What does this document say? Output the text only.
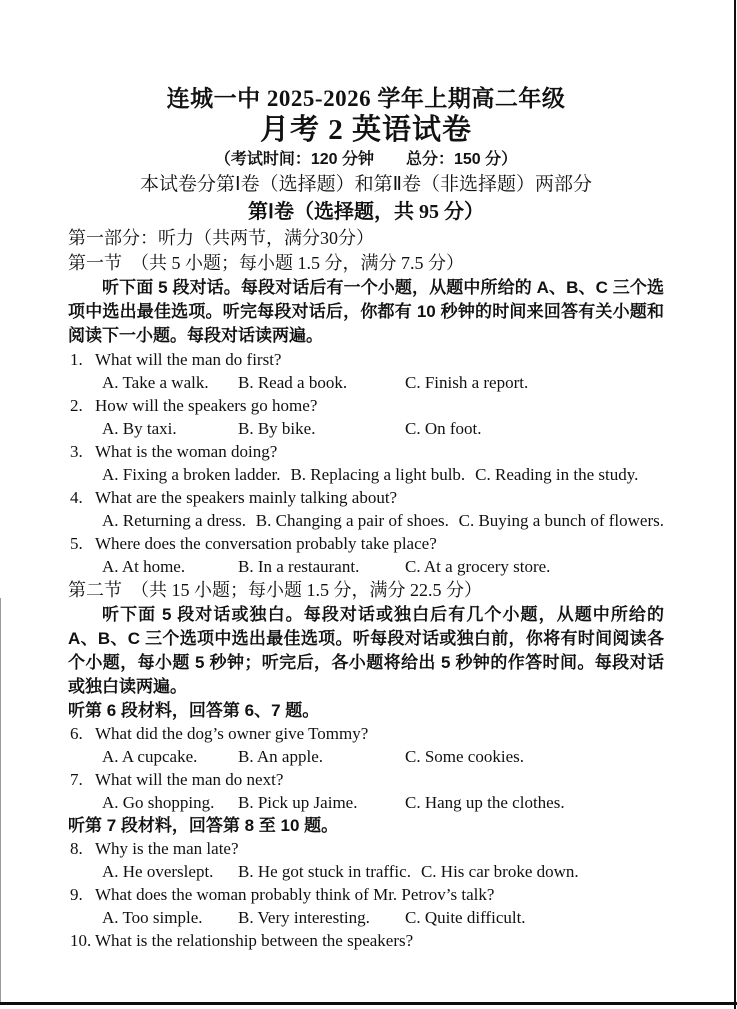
连城一中 2025-2026 学年上期高二年级
月考 2 英语试卷
（考试时间：120 分钟　　总分：150 分）
本试卷分第Ⅰ卷（选择题）和第Ⅱ卷（非选择题）两部分
第Ⅰ卷（选择题，共 95 分）
第一部分：听力（共两节，满分30分）
第一节　（共 5 小题；每小题 1.5 分，满分 7.5 分）
听下面 5 段对话。每段对话后有一个小题，从题中所给的 A、B、C 三个选项中选出最佳选项。听完每段对话后，你都有 10 秒钟的时间来回答有关小题和阅读下一小题。每段对话读两遍。
1. What will the man do first?
A. Take a walk.	B. Read a book.	C. Finish a report.
2. How will the speakers go home?
A. By taxi.	B. By bike.	C. On foot.
3. What is the woman doing?
A. Fixing a broken ladder. B. Replacing a light bulb. C. Reading in the study.
4. What are the speakers mainly talking about?
A. Returning a dress. B. Changing a pair of shoes. C. Buying a bunch of flowers.
5. Where does the conversation probably take place?
A. At home.	B. In a restaurant.	C. At a grocery store.
第二节　（共 15 小题；每小题 1.5 分，满分 22.5 分）
听下面 5 段对话或独白。每段对话或独白后有几个小题，从题中所给的 A、B、C 三个选项中选出最佳选项。听每段对话或独白前，你将有时间阅读各个小题，每小题 5 秒钟；听完后，各小题将给出 5 秒钟的作答时间。每段对话或独白读两遍。
听第 6 段材料，回答第 6、7 题。
6. What did the dog’s owner give Tommy?
A. A cupcake.	B. An apple.	C. Some cookies.
7. What will the man do next?
A. Go shopping.	B. Pick up Jaime.	C. Hang up the clothes.
听第 7 段材料，回答第 8 至 10 题。
8. Why is the man late?
A. He overslept.	B. He got stuck in traffic. C. His car broke down.
9. What does the woman probably think of Mr. Petrov’s talk?
A. Too simple.	B. Very interesting.	C. Quite difficult.
10. What is the relationship between the speakers?
